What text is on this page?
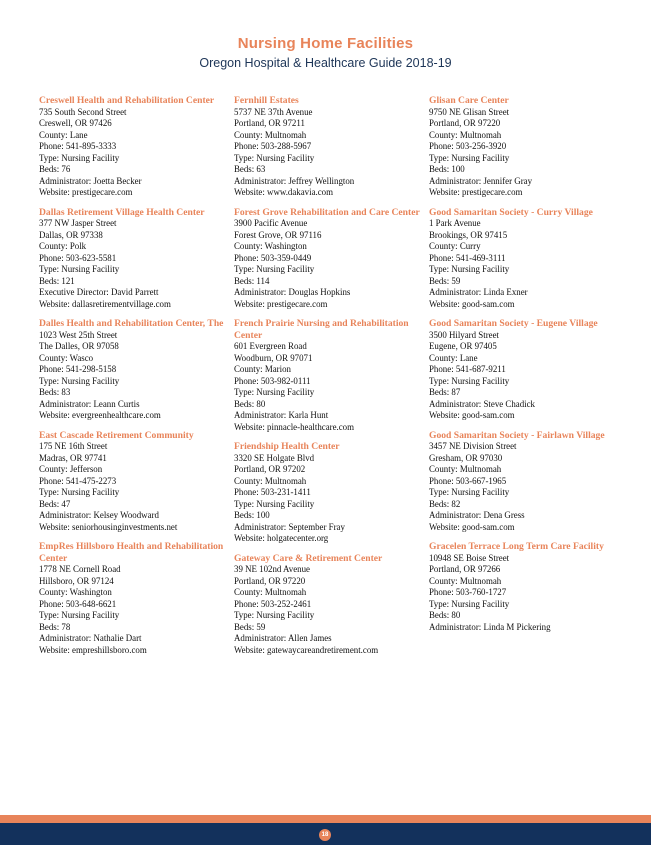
Nursing Home Facilities
Oregon Hospital & Healthcare Guide 2018-19
Creswell Health and Rehabilitation Center
735 South Second Street
Creswell, OR 97426
County: Lane
Phone: 541-895-3333
Type: Nursing Facility
Beds: 76
Administrator: Joetta Becker
Website: prestigecare.com
Dallas Retirement Village Health Center
377 NW Jasper Street
Dallas, OR 97338
County: Polk
Phone: 503-623-5581
Type: Nursing Facility
Beds: 121
Executive Director: David Parrett
Website: dallasretirementvillage.com
Dalles Health and Rehabilitation Center, The
1023 West 25th Street
The Dalles, OR 97058
County: Wasco
Phone: 541-298-5158
Type: Nursing Facility
Beds: 83
Administrator: Leann Curtis
Website: evergreenhealthcare.com
East Cascade Retirement Community
175 NE 16th Street
Madras, OR 97741
County: Jefferson
Phone: 541-475-2273
Type: Nursing Facility
Beds: 47
Administrator: Kelsey Woodward
Website: seniorhousinginvestments.net
EmpRes Hillsboro Health and Rehabilitation Center
1778 NE Cornell Road
Hillsboro, OR 97124
County: Washington
Phone: 503-648-6621
Type: Nursing Facility
Beds: 78
Administrator: Nathalie Dart
Website: empreshillsboro.com
Fernhill Estates
5737 NE 37th Avenue
Portland, OR 97211
County: Multnomah
Phone: 503-288-5967
Type: Nursing Facility
Beds: 63
Administrator: Jeffrey Wellington
Website: www.dakavia.com
Forest Grove Rehabilitation and Care Center
3900 Pacific Avenue
Forest Grove, OR 97116
County: Washington
Phone: 503-359-0449
Type: Nursing Facility
Beds: 114
Administrator: Douglas Hopkins
Website: prestigecare.com
French Prairie Nursing and Rehabilitation Center
601 Evergreen Road
Woodburn, OR 97071
County: Marion
Phone: 503-982-0111
Type: Nursing Facility
Beds: 80
Administrator: Karla Hunt
Website: pinnacle-healthcare.com
Friendship Health Center
3320 SE Holgate Blvd
Portland, OR 97202
County: Multnomah
Phone: 503-231-1411
Type: Nursing Facility
Beds: 100
Administrator: September Fray
Website: holgatecenter.org
Gateway Care & Retirement Center
39 NE 102nd Avenue
Portland, OR 97220
County: Multnomah
Phone: 503-252-2461
Type: Nursing Facility
Beds: 59
Administrator: Allen James
Website: gatewaycareandretirement.com
Glisan Care Center
9750 NE Glisan Street
Portland, OR 97220
County: Multnomah
Phone: 503-256-3920
Type: Nursing Facility
Beds: 100
Administrator: Jennifer Gray
Website: prestigecare.com
Good Samaritan Society - Curry Village
1 Park Avenue
Brookings, OR 97415
County: Curry
Phone: 541-469-3111
Type: Nursing Facility
Beds: 59
Administrator: Linda Exner
Website: good-sam.com
Good Samaritan Society - Eugene Village
3500 Hilyard Street
Eugene, OR 97405
County: Lane
Phone: 541-687-9211
Type: Nursing Facility
Beds: 87
Administrator: Steve Chadick
Website: good-sam.com
Good Samaritan Society - Fairlawn Village
3457 NE Division Street
Gresham, OR 97030
County: Multnomah
Phone: 503-667-1965
Type: Nursing Facility
Beds: 82
Administrator: Dena Gress
Website: good-sam.com
Gracelen Terrace Long Term Care Facility
10948 SE Boise Street
Portland, OR 97266
County: Multnomah
Phone: 503-760-1727
Type: Nursing Facility
Beds: 80
Administrator: Linda M Pickering
18
